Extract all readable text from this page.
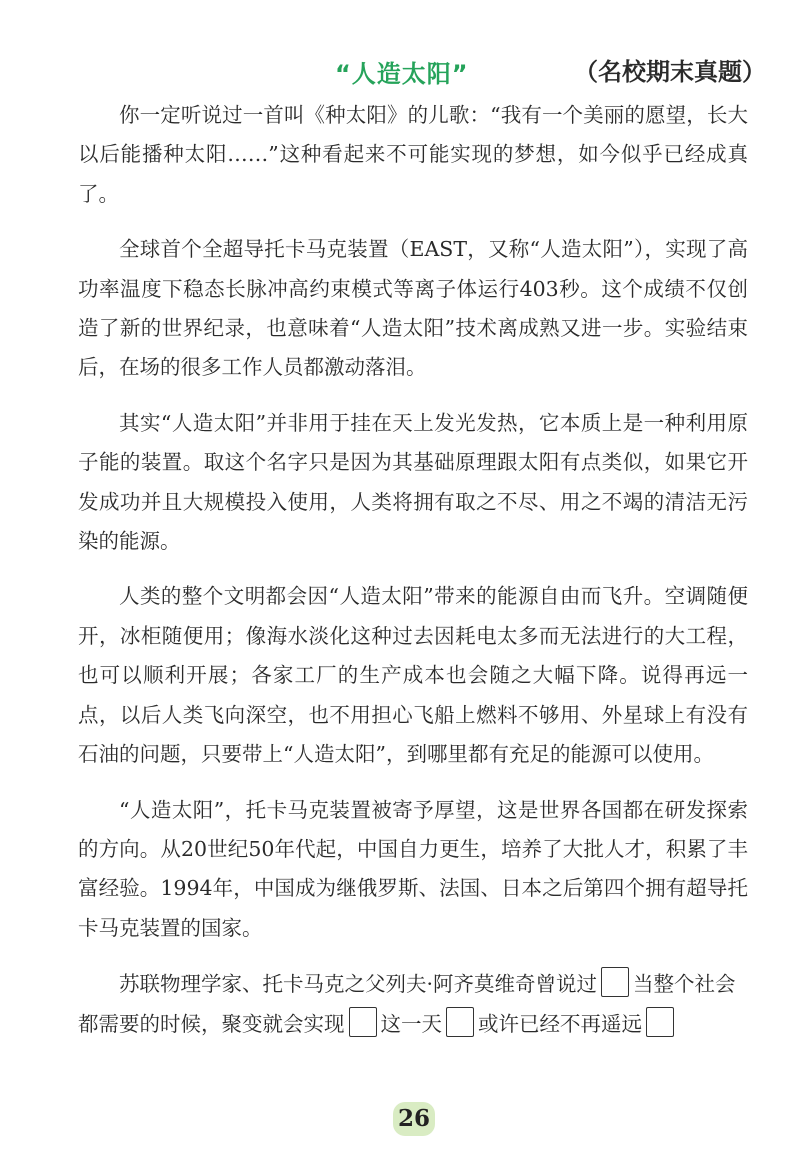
“人造太阳”	（名校期末真题）

你一定听说过一首叫《种太阳》的儿歌：“我有一个美丽的愿望，长大以后能播种太阳……”这种看起来不可能实现的梦想，如今似乎已经成真了。

全球首个全超导托卡马克装置（EAST，又称“人造太阳”），实现了高功率温度下稳态长脉冲高约束模式等离子体运行403秒。这个成绩不仅创造了新的世界纪录，也意味着“人造太阳”技术离成熟又进一步。实验结束后，在场的很多工作人员都激动落泪。

其实“人造太阳”并非用于挂在天上发光发热，它本质上是一种利用原子能的装置。取这个名字只是因为其基础原理跟太阳有点类似，如果它开发成功并且大规模投入使用，人类将拥有取之不尽、用之不竭的清洁无污染的能源。

人类的整个文明都会因“人造太阳”带来的能源自由而飞升。空调随便开，冰柜随便用；像海水淡化这种过去因耗电太多而无法进行的大工程，也可以顺利开展；各家工厂的生产成本也会随之大幅下降。说得再远一点，以后人类飞向深空，也不用担心飞船上燃料不够用、外星球上有没有石油的问题，只要带上“人造太阳”，到哪里都有充足的能源可以使用。

“人造太阳”，托卡马克装置被寄予厚望，这是世界各国都在研发探索的方向。从20世纪50年代起，中国自力更生，培养了大批人才，积累了丰富经验。1994年，中国成为继俄罗斯、法国、日本之后第四个拥有超导托卡马克装置的国家。

苏联物理学家、托卡马克之父列夫·阿齐莫维奇曾说过 当整个社会都需要的时候，聚变就会实现 这一天 或许已经不再遥远

26
